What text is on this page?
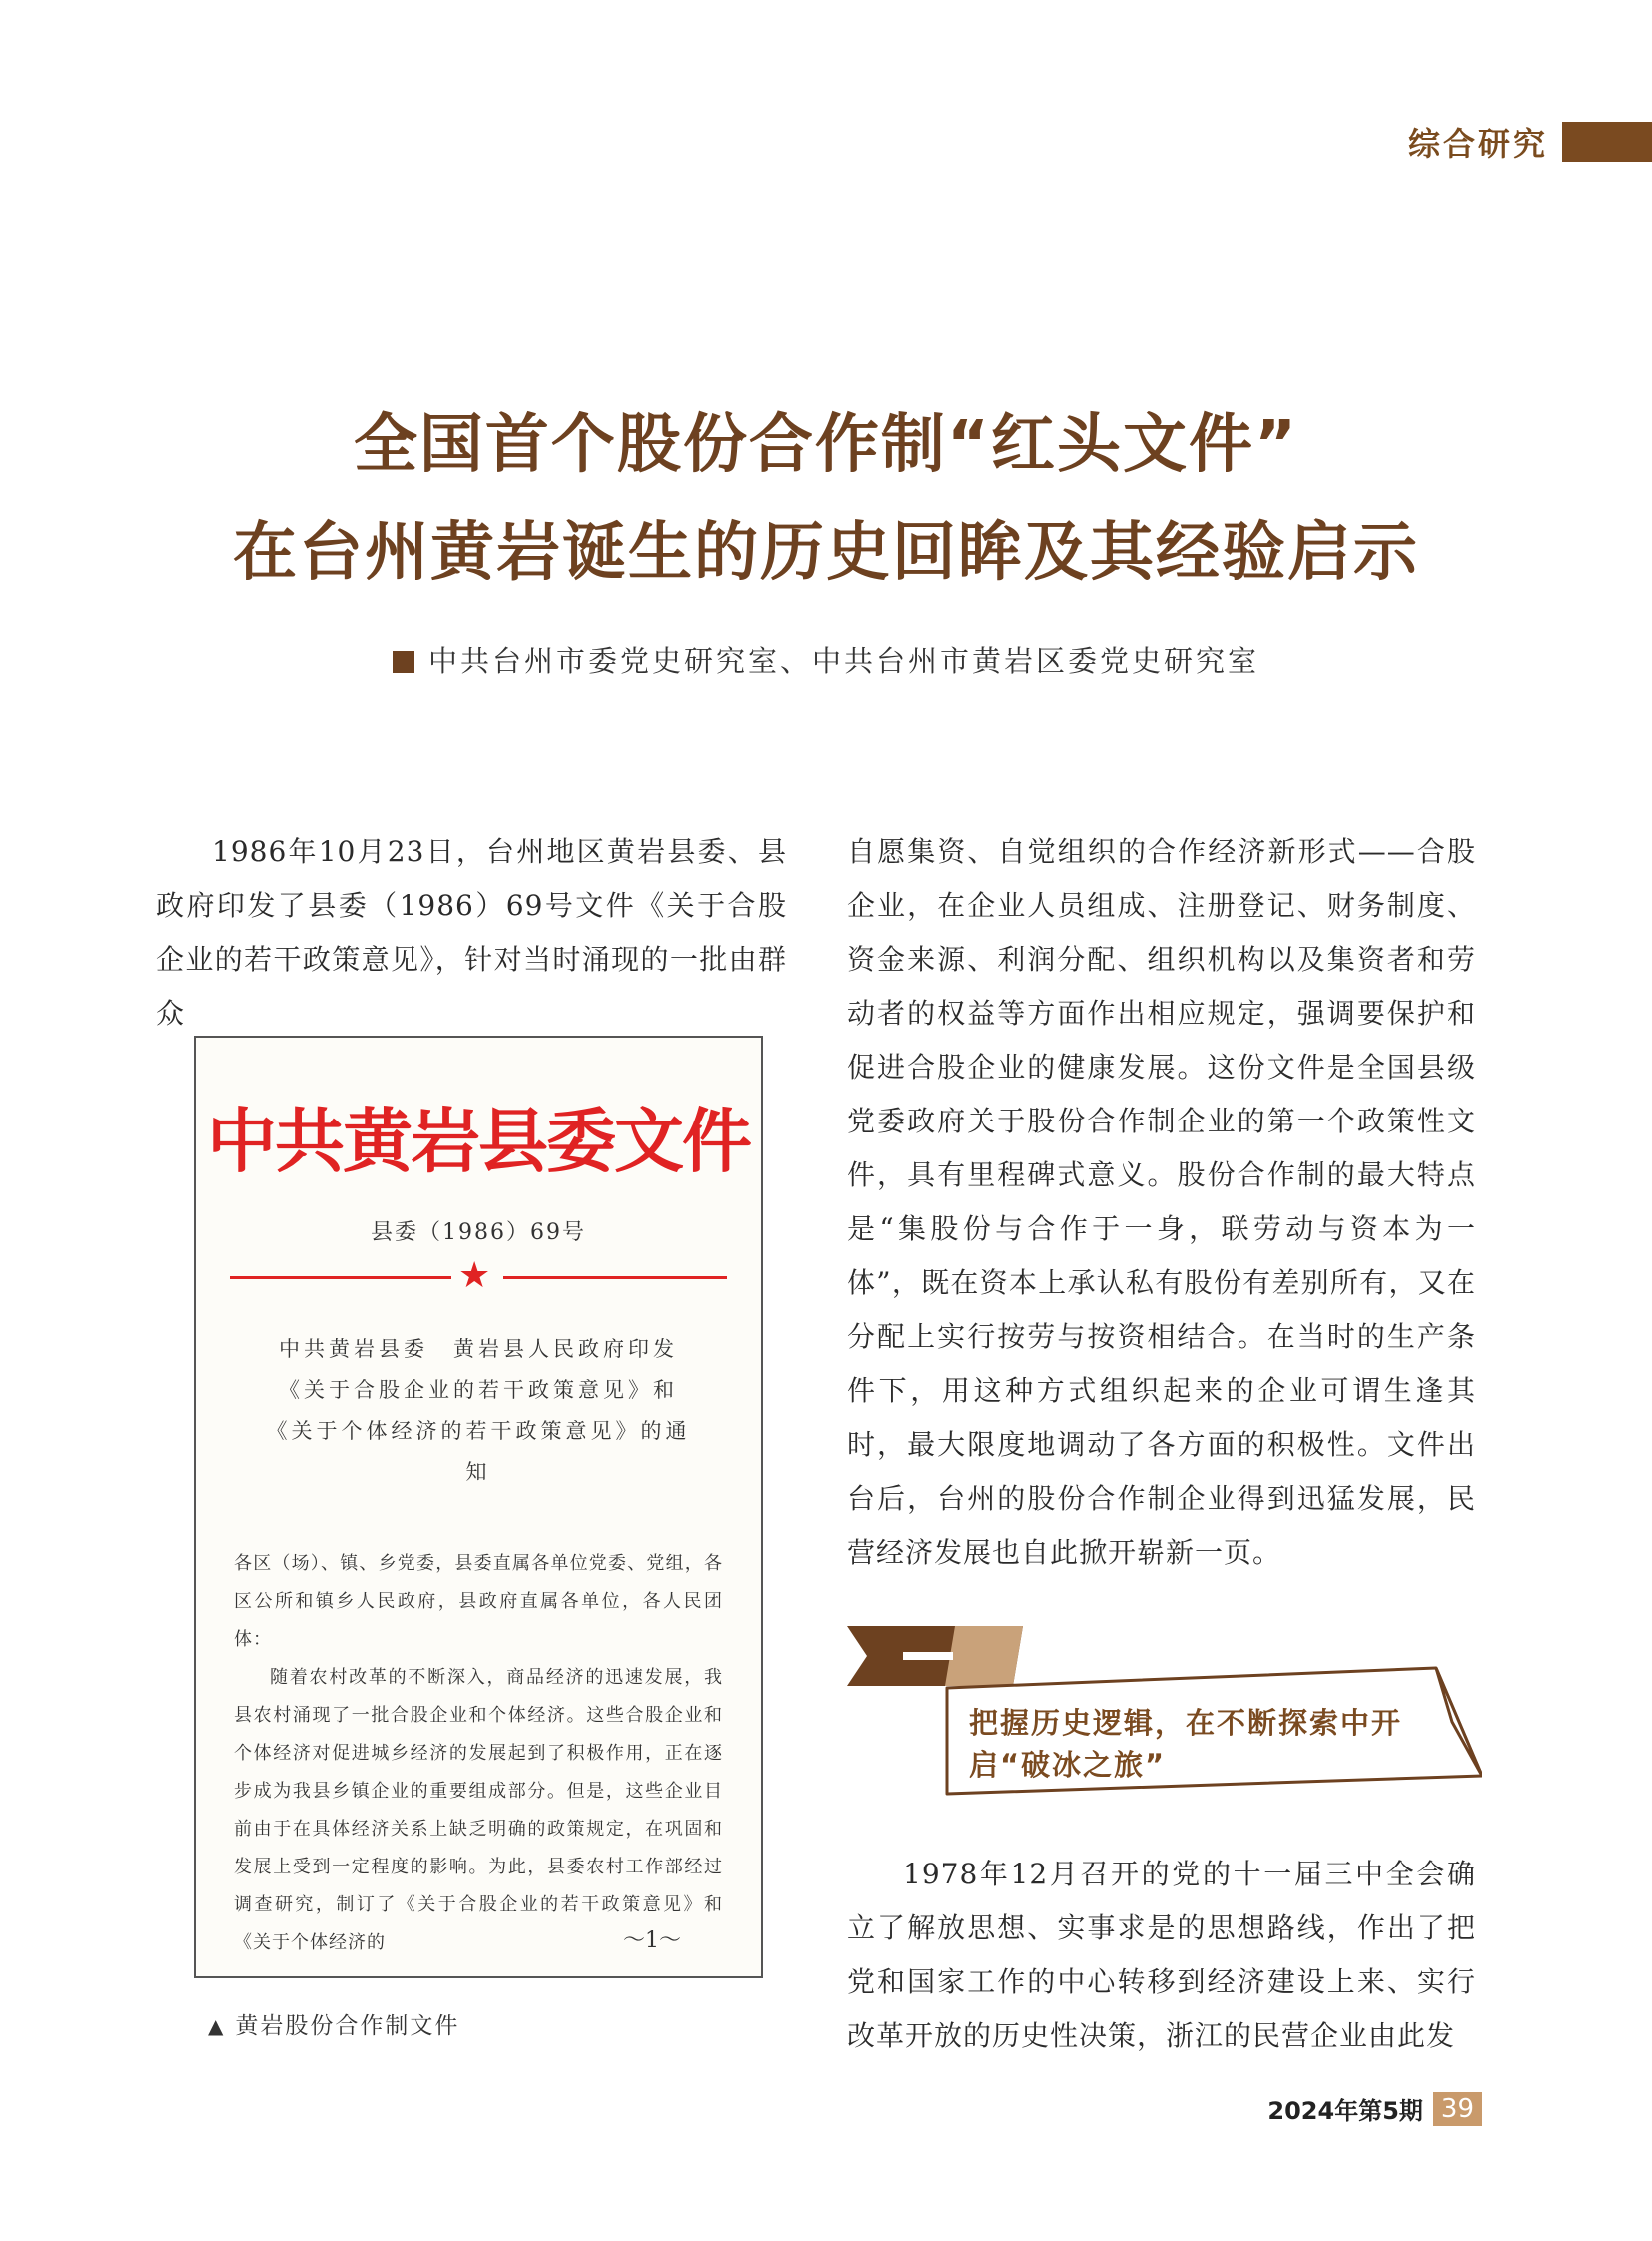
综合研究
全国首个股份合作制“红头文件”
在台州黄岩诞生的历史回眸及其经验启示
中共台州市委党史研究室、中共台州市黄岩区委党史研究室

1986年10月23日，台州地区黄岩县委、县政府印发了县委（1986）69号文件《关于合股企业的若干政策意见》，针对当时涌现的一批由群众

中共黄岩县委文件
县委（1986）69号
★
中共黄岩县委　黄岩县人民政府印发《关于合股企业的若干政策意见》和《关于个体经济的若干政策意见》的通知

各区（场）、镇、乡党委，县委直属各单位党委、党组，各区公所和镇乡人民政府，县政府直属各单位，各人民团体：

随着农村改革的不断深入，商品经济的迅速发展，我县农村涌现了一批合股企业和个体经济。这些合股企业和个体经济对促进城乡经济的发展起到了积极作用，正在逐步成为我县乡镇企业的重要组成部分。但是，这些企业目前由于在具体经济关系上缺乏明确的政策规定，在巩固和发展上受到一定程度的影响。为此，县委农村工作部经过调查研究，制订了《关于合股企业的若干政策意见》和《关于个体经济的	～1～
▲ 黄岩股份合作制文件

自愿集资、自觉组织的合作经济新形式——合股企业，在企业人员组成、注册登记、财务制度、资金来源、利润分配、组织机构以及集资者和劳动者的权益等方面作出相应规定，强调要保护和促进合股企业的健康发展。这份文件是全国县级党委政府关于股份合作制企业的第一个政策性文件，具有里程碑式意义。股份合作制的最大特点是“集股份与合作于一身，联劳动与资本为一体”，既在资本上承认私有股份有差别所有，又在分配上实行按劳与按资相结合。在当时的生产条件下，用这种方式组织起来的企业可谓生逢其时，最大限度地调动了各方面的积极性。文件出台后，台州的股份合作制企业得到迅猛发展，民营经济发展也自此掀开崭新一页。

把握历史逻辑，在不断探索中开启“破冰之旅”

1978年12月召开的党的十一届三中全会确立了解放思想、实事求是的思想路线，作出了把党和国家工作的中心转移到经济建设上来、实行改革开放的历史性决策，浙江的民营企业由此发

2024年第5期 39
